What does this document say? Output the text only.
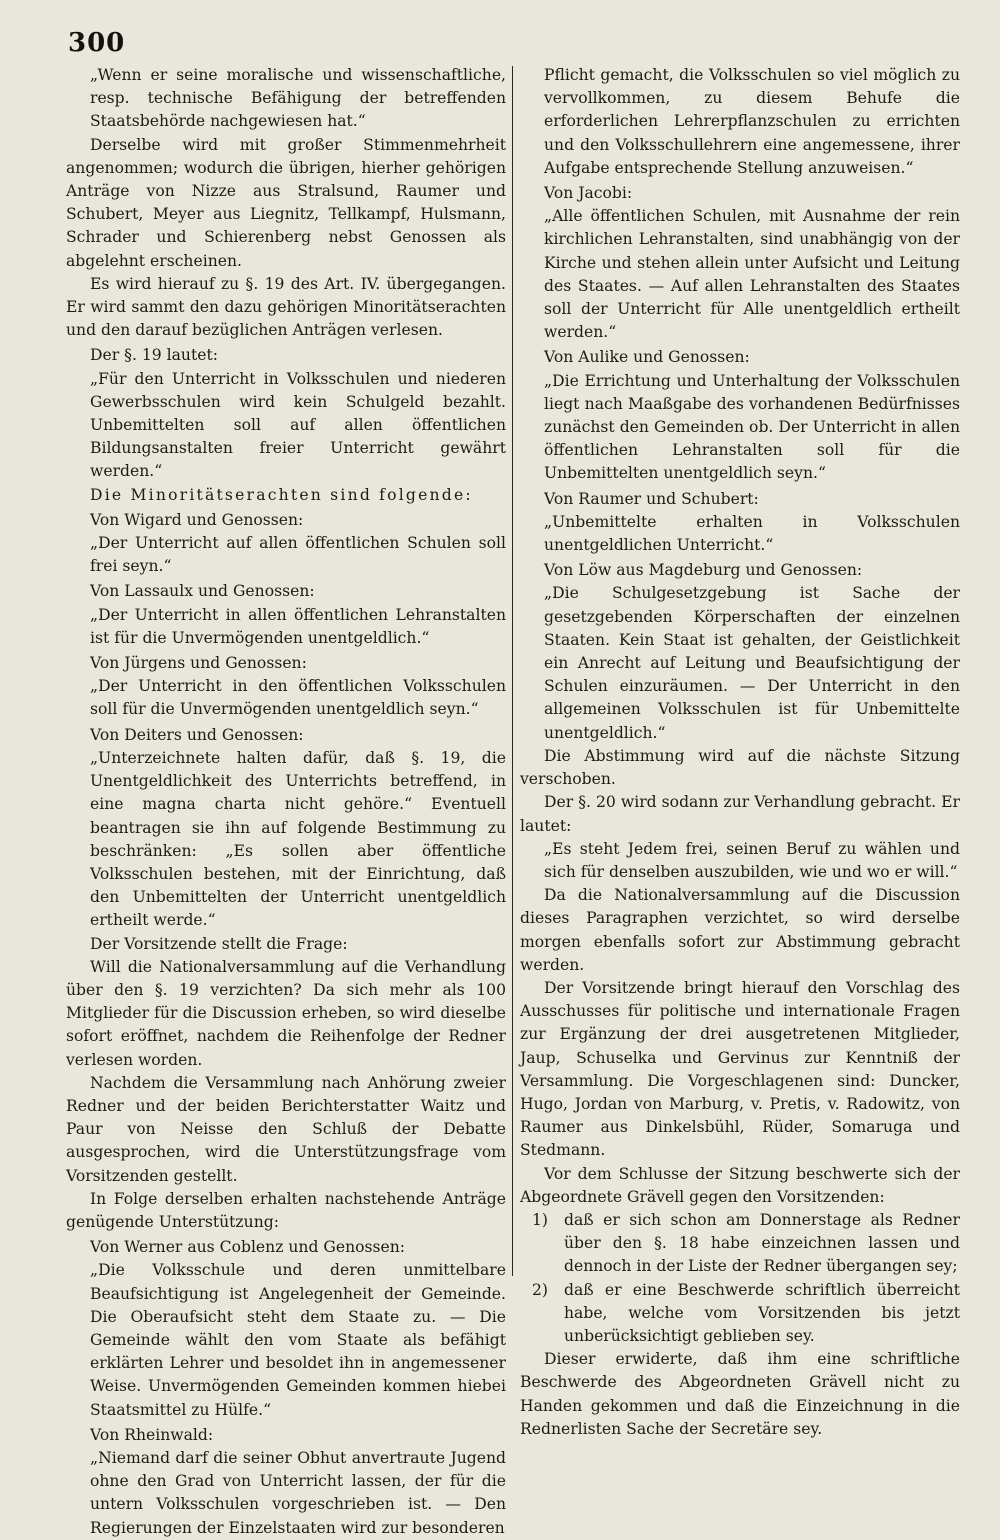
300

„Wenn er seine moralische und wissenschaftliche, resp. technische Befähigung der betreffenden Staatsbehörde nachgewiesen hat.“

Derselbe wird mit großer Stimmenmehrheit angenommen; wodurch die übrigen, hierher gehörigen Anträge von Nizze aus Stralsund, Raumer und Schubert, Meyer aus Liegnitz, Tellkampf, Hulsmann, Schrader und Schierenberg nebst Genossen als abgelehnt erscheinen.

Es wird hierauf zu §. 19 des Art. IV. übergegangen. Er wird sammt den dazu gehörigen Minoritätserachten und den darauf bezüglichen Anträgen verlesen.

Der §. 19 lautet:

„Für den Unterricht in Volksschulen und niederen Gewerbsschulen wird kein Schulgeld bezahlt. Unbemittelten soll auf allen öffentlichen Bildungsanstalten freier Unterricht gewährt werden.“

Die Minoritätserachten sind folgende:

Von Wigard und Genossen:

„Der Unterricht auf allen öffentlichen Schulen soll frei seyn.“

Von Lassaulx und Genossen:

„Der Unterricht in allen öffentlichen Lehranstalten ist für die Unvermögenden unentgeldlich.“

Von Jürgens und Genossen:

„Der Unterricht in den öffentlichen Volksschulen soll für die Unvermögenden unentgeldlich seyn.“

Von Deiters und Genossen:

„Unterzeichnete halten dafür, daß §. 19, die Unentgeldlichkeit des Unterrichts betreffend, in eine magna charta nicht gehöre.“ Eventuell beantragen sie ihn auf folgende Bestimmung zu beschränken: „Es sollen aber öffentliche Volksschulen bestehen, mit der Einrichtung, daß den Unbemittelten der Unterricht unentgeldlich ertheilt werde.“

Der Vorsitzende stellt die Frage:

Will die Nationalversammlung auf die Verhandlung über den §. 19 verzichten? Da sich mehr als 100 Mitglieder für die Discussion erheben, so wird dieselbe sofort eröffnet, nachdem die Reihenfolge der Redner verlesen worden.

Nachdem die Versammlung nach Anhörung zweier Redner und der beiden Berichterstatter Waitz und Paur von Neisse den Schluß der Debatte ausgesprochen, wird die Unterstützungsfrage vom Vorsitzenden gestellt.

In Folge derselben erhalten nachstehende Anträge genügende Unterstützung:

Von Werner aus Coblenz und Genossen:

„Die Volksschule und deren unmittelbare Beaufsichtigung ist Angelegenheit der Gemeinde. Die Oberaufsicht steht dem Staate zu. — Die Gemeinde wählt den vom Staate als befähigt erklärten Lehrer und besoldet ihn in angemessener Weise. Unvermögenden Gemeinden kommen hiebei Staatsmittel zu Hülfe.“

Von Rheinwald:

„Niemand darf die seiner Obhut anvertraute Jugend ohne den Grad von Unterricht lassen, der für die untern Volksschulen vorgeschrieben ist. — Den Regierungen der Einzelstaaten wird zur besonderen

Pflicht gemacht, die Volksschulen so viel möglich zu vervollkommen, zu diesem Behufe die erforderlichen Lehrerpflanzschulen zu errichten und den Volksschullehrern eine angemessene, ihrer Aufgabe entsprechende Stellung anzuweisen.“

Von Jacobi:

„Alle öffentlichen Schulen, mit Ausnahme der rein kirchlichen Lehranstalten, sind unabhängig von der Kirche und stehen allein unter Aufsicht und Leitung des Staates. — Auf allen Lehranstalten des Staates soll der Unterricht für Alle unentgeldlich ertheilt werden.“

Von Aulike und Genossen:

„Die Errichtung und Unterhaltung der Volksschulen liegt nach Maaßgabe des vorhandenen Bedürfnisses zunächst den Gemeinden ob. Der Unterricht in allen öffentlichen Lehranstalten soll für die Unbemittelten unentgeldlich seyn.“

Von Raumer und Schubert:

„Unbemittelte erhalten in Volksschulen unentgeldlichen Unterricht.“

Von Löw aus Magdeburg und Genossen:

„Die Schulgesetzgebung ist Sache der gesetzgebenden Körperschaften der einzelnen Staaten. Kein Staat ist gehalten, der Geistlichkeit ein Anrecht auf Leitung und Beaufsichtigung der Schulen einzuräumen. — Der Unterricht in den allgemeinen Volksschulen ist für Unbemittelte unentgeldlich.“

Die Abstimmung wird auf die nächste Sitzung verschoben.

Der §. 20 wird sodann zur Verhandlung gebracht. Er lautet:

„Es steht Jedem frei, seinen Beruf zu wählen und sich für denselben auszubilden, wie und wo er will.“

Da die Nationalversammlung auf die Discussion dieses Paragraphen verzichtet, so wird derselbe morgen ebenfalls sofort zur Abstimmung gebracht werden.

Der Vorsitzende bringt hierauf den Vorschlag des Ausschusses für politische und internationale Fragen zur Ergänzung der drei ausgetretenen Mitglieder, Jaup, Schuselka und Gervinus zur Kenntniß der Versammlung. Die Vorgeschlagenen sind: Duncker, Hugo, Jordan von Marburg, v. Pretis, v. Radowitz, von Raumer aus Dinkelsbühl, Rüder, Somaruga und Stedmann.

Vor dem Schlusse der Sitzung beschwerte sich der Abgeordnete Grävell gegen den Vorsitzenden:

1)	daß er sich schon am Donnerstage als Redner über den §. 18 habe einzeichnen lassen und dennoch in der Liste der Redner übergangen sey;
2)	daß er eine Beschwerde schriftlich überreicht habe, welche vom Vorsitzenden bis jetzt unberücksichtigt geblieben sey.

Dieser erwiderte, daß ihm eine schriftliche Beschwerde des Abgeordneten Grävell nicht zu Handen gekommen und daß die Einzeichnung in die Rednerlisten Sache der Secretäre sey.
